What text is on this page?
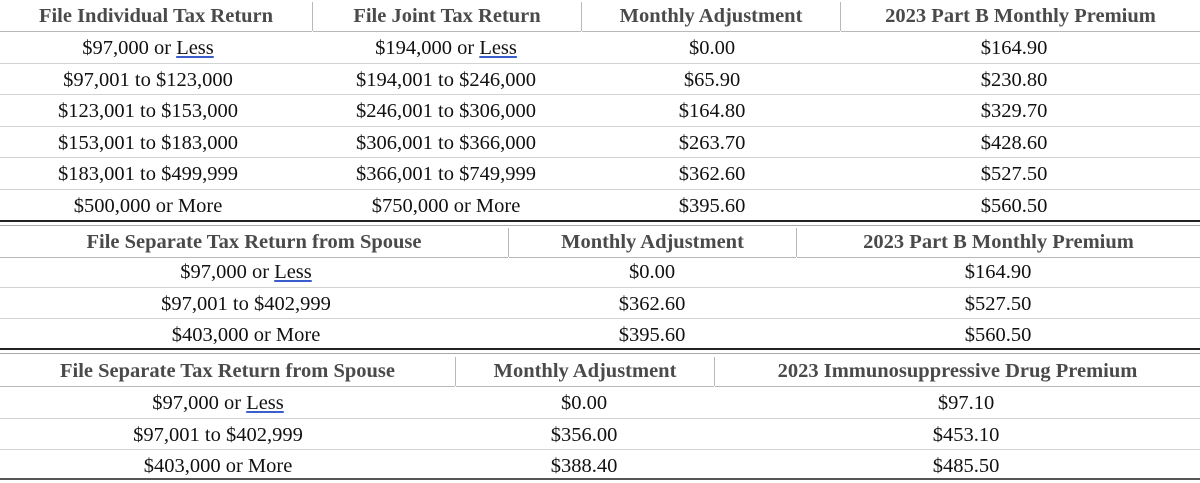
File Individual Tax Return	File Joint Tax Return	Monthly Adjustment	2023 Part B Monthly Premium
$97,000 or Less	$194,000 or Less	$0.00	$164.90
$97,001 to $123,000	$194,001 to $246,000	$65.90	$230.80
$123,001 to $153,000	$246,001 to $306,000	$164.80	$329.70
$153,001 to $183,000	$306,001 to $366,000	$263.70	$428.60
$183,001 to $499,999	$366,001 to $749,999	$362.60	$527.50
$500,000 or More	$750,000 or More	$395.60	$560.50
File Separate Tax Return from Spouse	Monthly Adjustment	2023 Part B Monthly Premium
$97,000 or Less	$0.00	$164.90
$97,001 to $402,999	$362.60	$527.50
$403,000 or More	$395.60	$560.50
File Separate Tax Return from Spouse	Monthly Adjustment	2023 Immunosuppressive Drug Premium
$97,000 or Less	$0.00	$97.10
$97,001 to $402,999	$356.00	$453.10
$403,000 or More	$388.40	$485.50
